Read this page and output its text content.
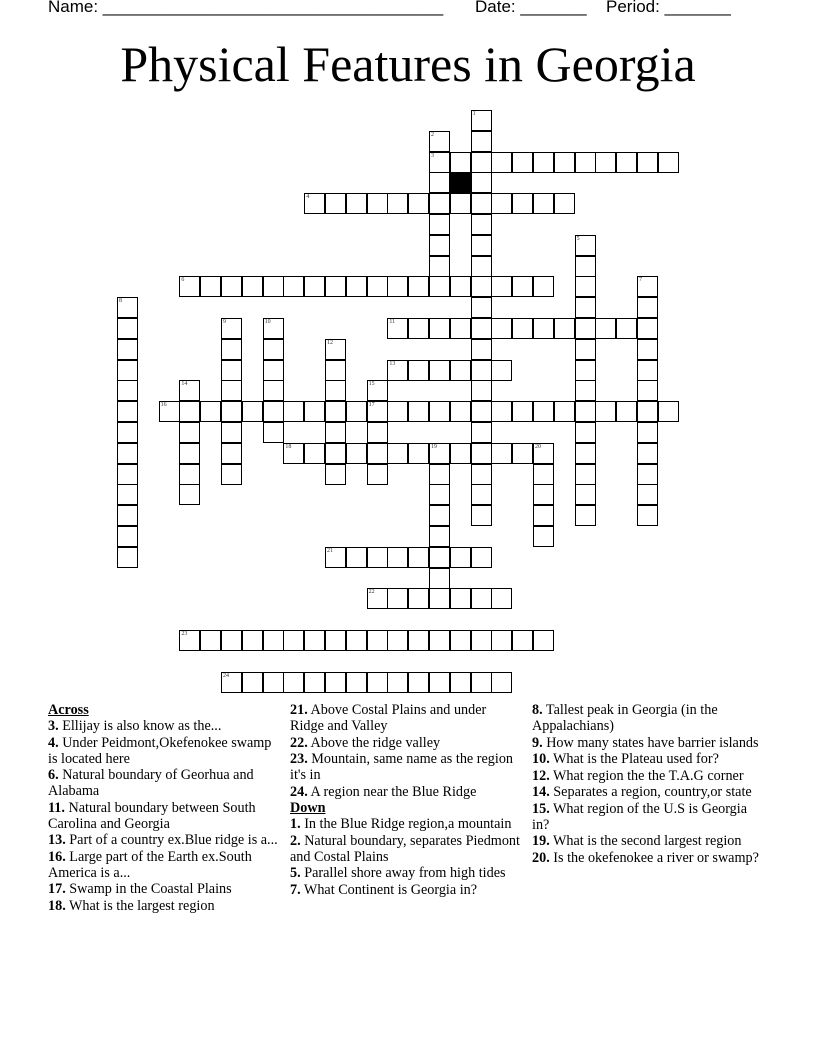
Name: ____________________________________ Date: _______ Period: _______
Physical Features in Georgia
1
2
3
4
5
6	7
8
9	10	11
12
13
14	15
17
16
18	19	20
21
22
23
24
Across
3. Ellijay is also know as the...
4. Under Peidmont,Okefenokee swamp is located here
6. Natural boundary of Georhua and Alabama
11. Natural boundary between South Carolina and Georgia
13. Part of a country ex.Blue ridge is a...
16. Large part of the Earth ex.South America is a...
17. Swamp in the Coastal Plains
18. What is the largest region
21. Above Costal Plains and under Ridge and Valley
22. Above the ridge valley
23. Mountain, same name as the region it's in
24. A region near the Blue Ridge
Down
1. In the Blue Ridge region,a mountain
2. Natural boundary, separates Piedmont and Costal Plains
5. Parallel shore away from high tides
7. What Continent is Georgia in?
8. Tallest peak in Georgia (in the Appalachians)
9. How many states have barrier islands
10. What is the Plateau used for?
12. What region the the T.A.G corner
14. Separates a region, country,or state
15. What region of the U.S is Georgia in?
19. What is the second largest region
20. Is the okefenokee a river or swamp?
